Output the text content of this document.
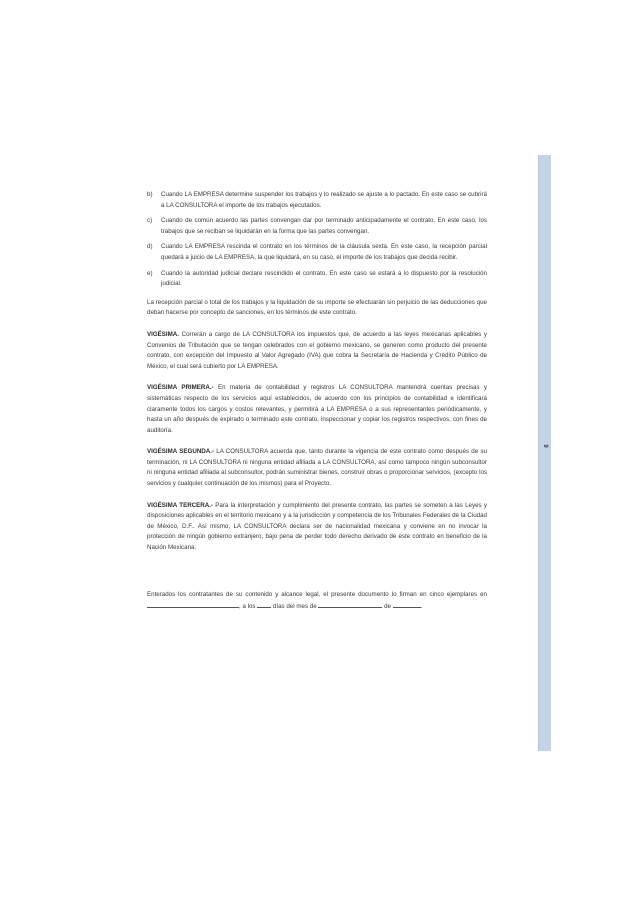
b) Cuando LA EMPRESA determine suspender los trabajos y lo realizado se ajuste a lo pactado. En este caso se cubrirá a LA CONSULTORA el importe de los trabajos ejecutados.
c) Cuando de común acuerdo las partes convengan dar por terminado anticipadamente el contrato. En este caso, los trabajos que se reciban se liquidarán en la forma que las partes convengan.
d) Cuando LA EMPRESA rescinda el contrato en los términos de la cláusula sexta. En este caso, la recepción parcial quedará a juicio de LA EMPRESA, la que liquidará, en su caso, el importe de los trabajos que decida recibir.
e) Cuando la autoridad judicial declare rescindido el contrato. En este caso se estará a lo dispuesto por la resolución judicial.

La recepción parcial o total de los trabajos y la liquidación de su importe se efectuarán sin perjuicio de las deducciones que deban hacerse por concepto de sanciones, en los términos de este contrato.

VIGÉSIMA. Correrán a cargo de LA CONSULTORA los impuestos que, de acuerdo a las leyes mexicanas aplicables y Convenios de Tributación que se tengan celebrados con el gobierno mexicano, se generen como producto del presente contrato, con excepción del Impuesto al Valor Agregado (IVA) que cobra la Secretaría de Hacienda y Crédito Público de México, el cual será cubierto por LA EMPRESA.

VIGÉSIMA PRIMERA.- En materia de contabilidad y registros LA CONSULTORA mantendrá cuentas precisas y sistemáticas respecto de los servicios aquí establecidos, de acuerdo con los principios de contabilidad e identificará claramente todos los cargos y costos relevantes, y permitirá a LA EMPRESA o a sus representantes periódicamente, y hasta un año después de expirado o terminado este contrato, inspeccionar y copiar los registros respectivos, con fines de auditoría.

VIGÉSIMA SEGUNDA.- LA CONSULTORA acuerda que, tanto durante la vigencia de este contrato como después de su terminación, ni LA CONSULTORA ni ninguna entidad afiliada a LA CONSULTORA, así como tampoco ningún subconsultor ni ninguna entidad afiliada al subconsultor, podrán suministrar bienes, construir obras o proporcionar servicios, (excepto los servicios y cualquier continuación de los mismos) para el Proyecto.

VIGÉSIMA TERCERA.- Para la interpretación y cumplimiento del presente contrato, las partes se someten a las Leyes y disposiciones aplicables en el territorio mexicano y a la jurisdicción y competencia de los Tribunales Federales de la Ciudad de México, D.F.. Así mismo, LA CONSULTORA declara ser de nacionalidad mexicana y conviene en no invocar la protección de ningún gobierno extranjero, bajo pena de perder todo derecho derivado de este contrato en beneficio de la Nación Mexicana.

Enterados los contratantes de su contenido y alcance legal, el presente documento lo firman en cinco ejemplares en , a los  días del mes de	de	.

9
